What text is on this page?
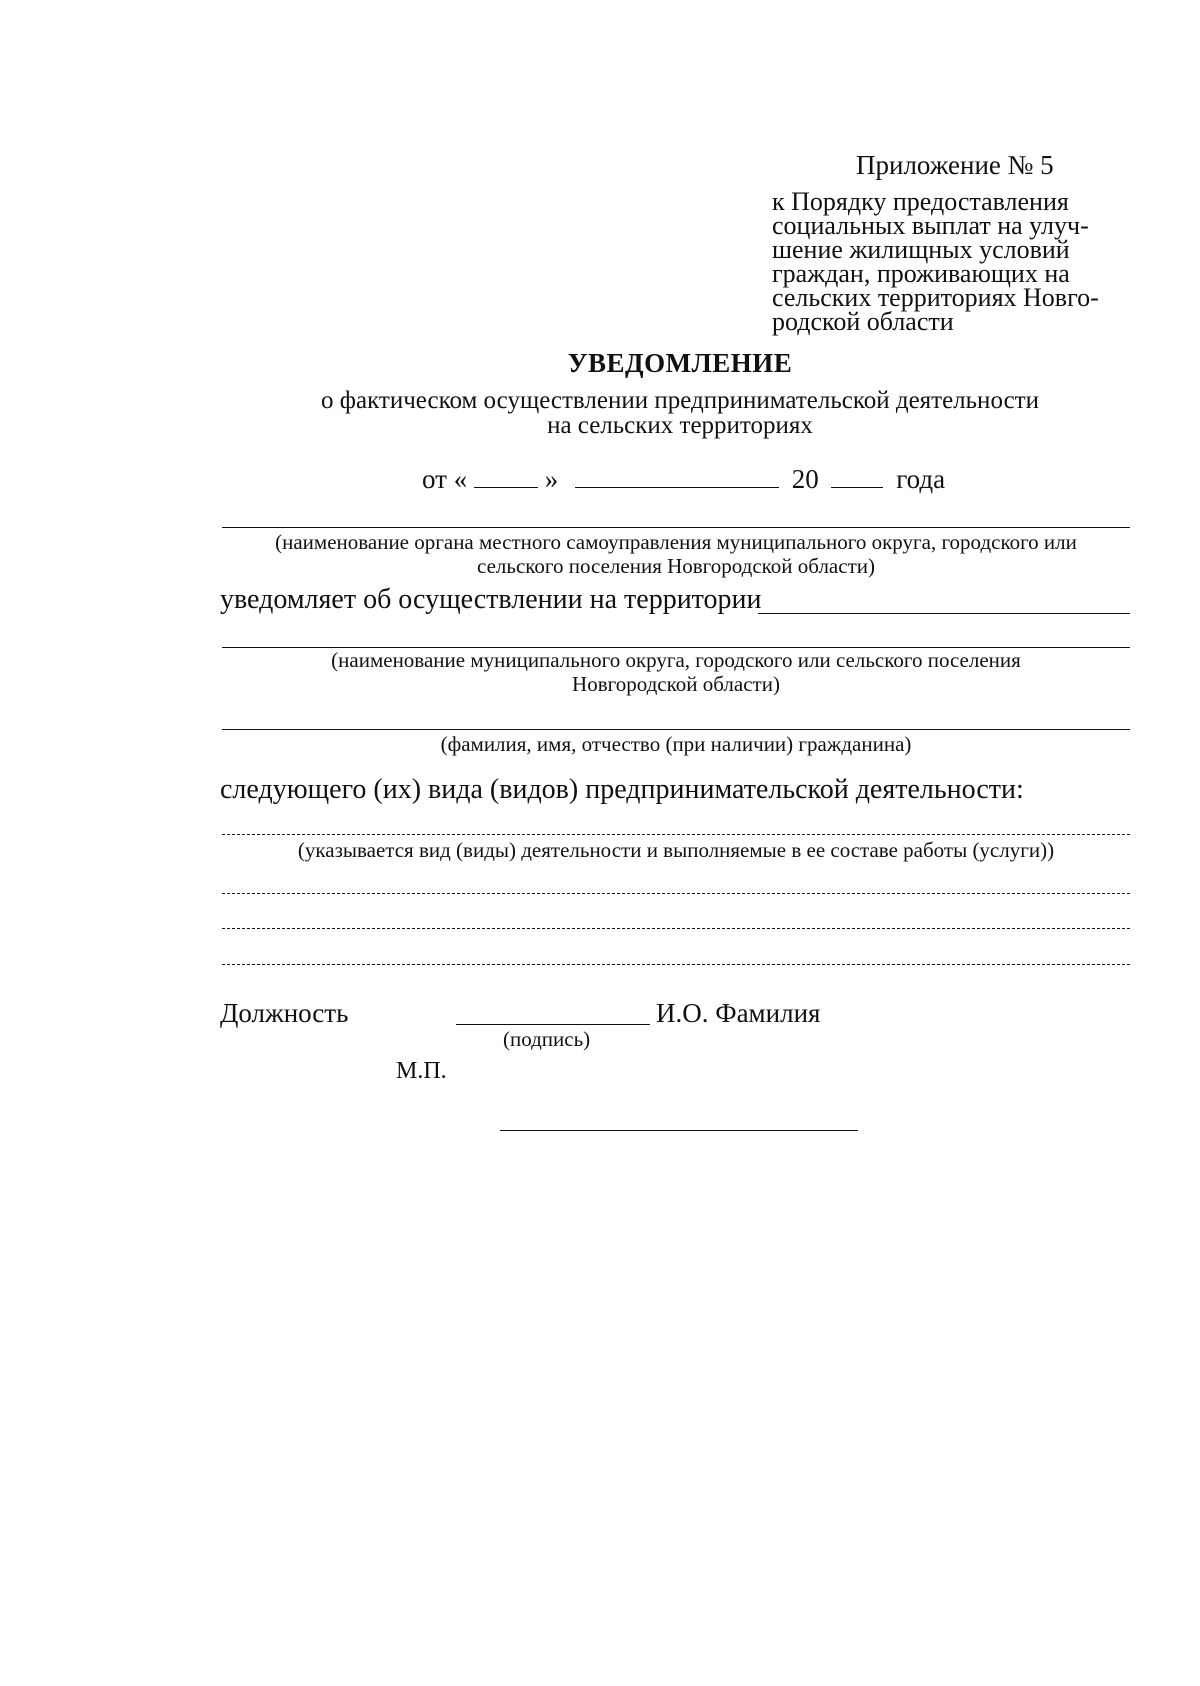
Приложение № 5
к Порядку предоставления
социальных выплат на улуч-
шение жилищных условий
граждан, проживающих на
сельских территориях Новго-
родской области
УВЕДОМЛЕНИЕ
о фактическом осуществлении предпринимательской деятельности
на сельских территориях
от «	»	20	года
(наименование органа местного самоуправления муниципального округа, городского или
сельского поселения Новгородской области)
уведомляет об осуществлении на территории
(наименование муниципального округа, городского или сельского поселения
Новгородской области)
(фамилия, имя, отчество (при наличии) гражданина)
следующего (их) вида (видов) предпринимательской деятельности:
(указывается вид (виды) деятельности и выполняемые в ее составе работы (услуги))
Должность	И.О. Фамилия
(подпись)
М.П.
